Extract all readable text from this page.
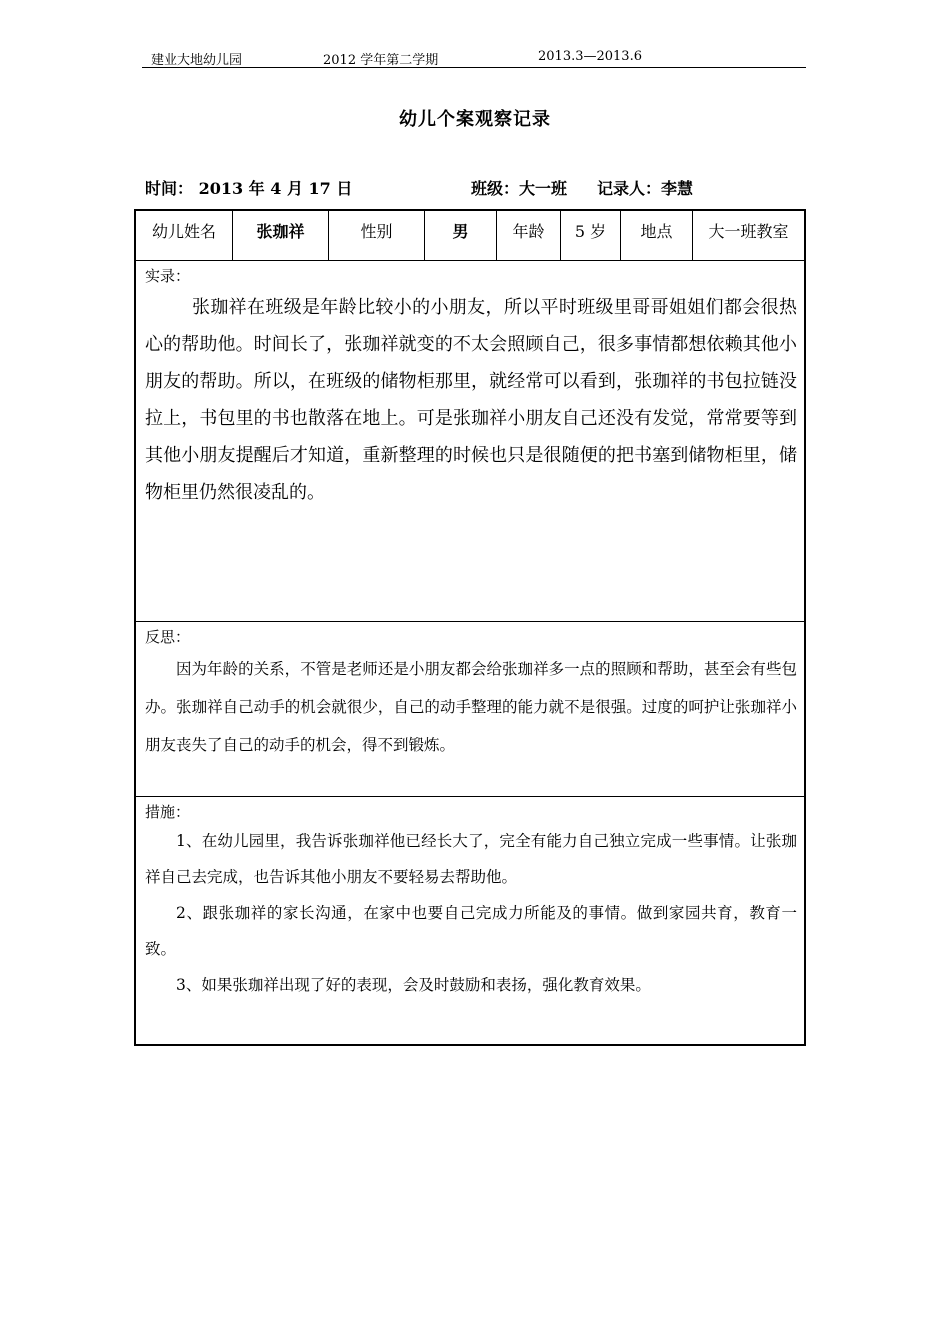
建业大地幼儿园	2012 学年第二学期	2013.3—2013.6
幼儿个案观察记录
时间： 2013 年 4 月 17 日	班级：大一班 记录人：李慧
幼儿姓名	张珈祥	性别	男	年龄	5 岁	地点	大一班教室
实录：

张珈祥在班级是年龄比较小的小朋友，所以平时班级里哥哥姐姐们都会很热心的帮助他。时间长了，张珈祥就变的不太会照顾自己，很多事情都想依赖其他小朋友的帮助。所以，在班级的储物柜那里，就经常可以看到，张珈祥的书包拉链没拉上，书包里的书也散落在地上。可是张珈祥小朋友自己还没有发觉，常常要等到其他小朋友提醒后才知道，重新整理的时候也只是很随便的把书塞到储物柜里，储物柜里仍然很凌乱的。

反思：

因为年龄的关系，不管是老师还是小朋友都会给张珈祥多一点的照顾和帮助，甚至会有些包办。张珈祥自己动手的机会就很少，自己的动手整理的能力就不是很强。过度的呵护让张珈祥小朋友丧失了自己的动手的机会，得不到锻炼。

措施：
1、在幼儿园里，我告诉张珈祥他已经长大了，完全有能力自己独立完成一些事情。让张珈祥自己去完成，也告诉其他小朋友不要轻易去帮助他。
2、跟张珈祥的家长沟通，在家中也要自己完成力所能及的事情。做到家园共育，教育一致。
3、如果张珈祥出现了好的表现，会及时鼓励和表扬，强化教育效果。
